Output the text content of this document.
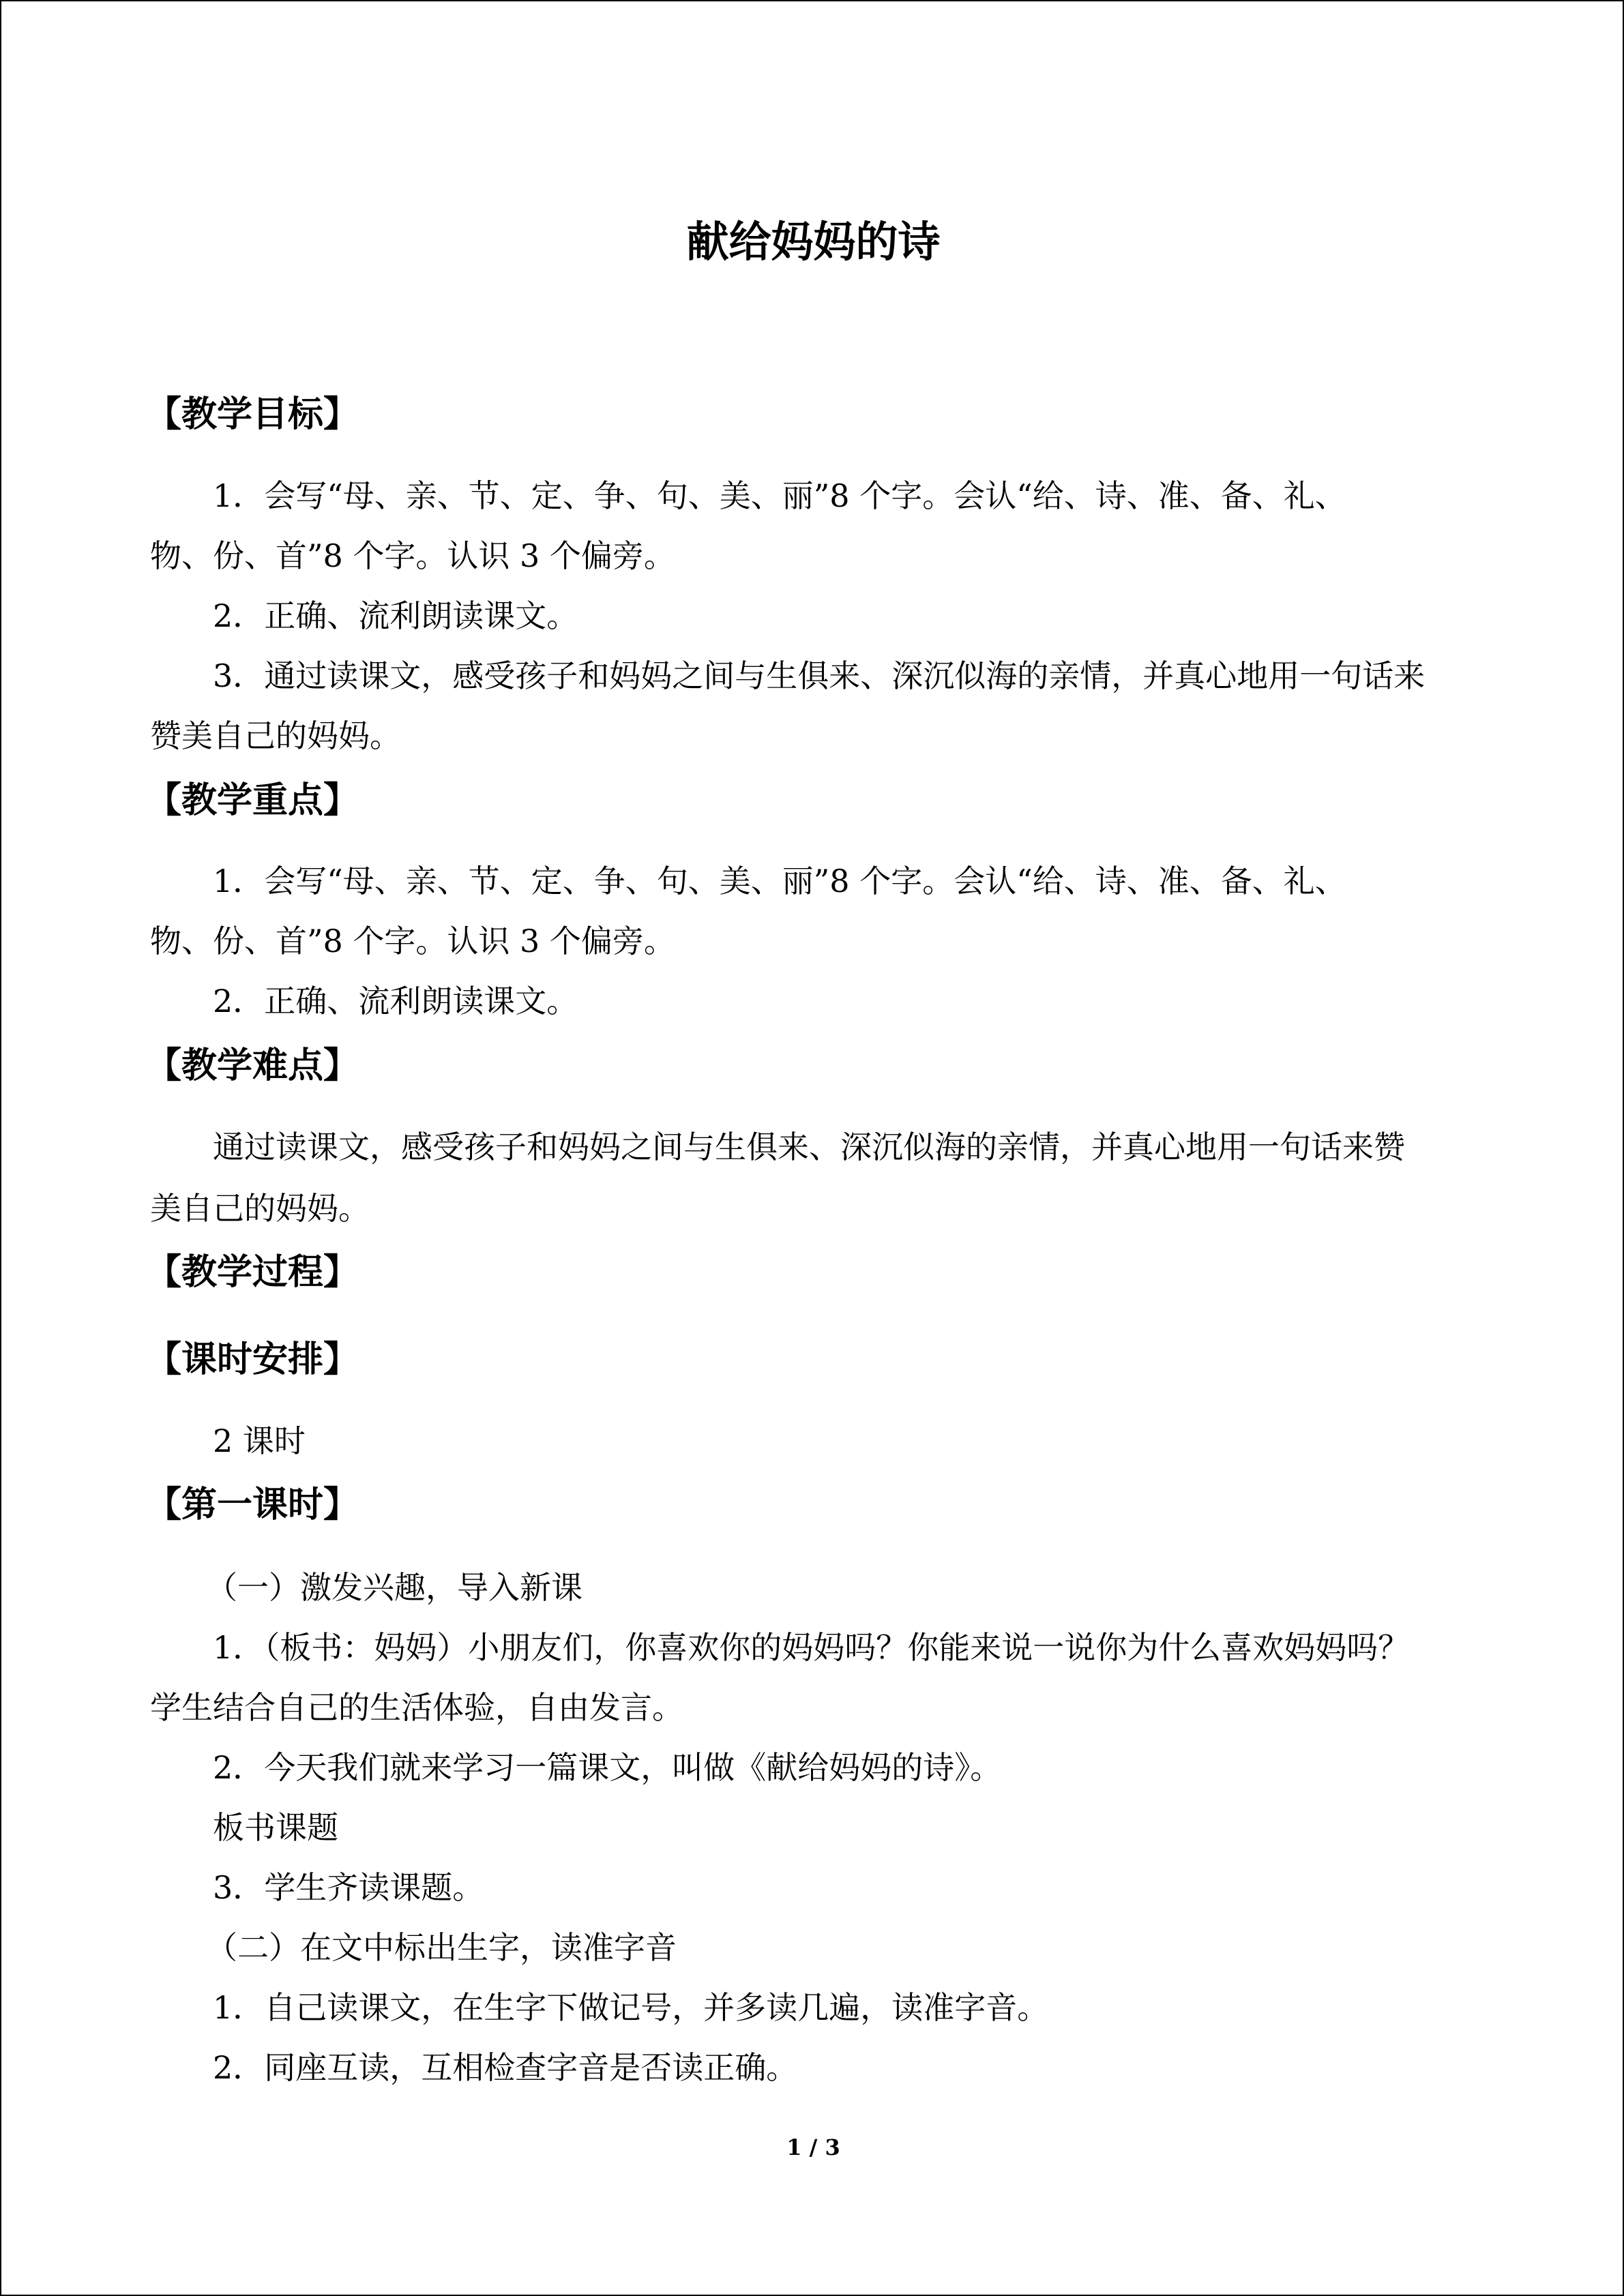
献给妈妈的诗
【教学目标】

1．会写“母、亲、节、定、争、句、美、丽”8 个字。会认“给、诗、准、备、礼、

物、份、首”8 个字。认识 3 个偏旁。

2．正确、流利朗读课文。

3．通过读课文，感受孩子和妈妈之间与生俱来、深沉似海的亲情，并真心地用一句话来

赞美自己的妈妈。

【教学重点】

1．会写“母、亲、节、定、争、句、美、丽”8 个字。会认“给、诗、准、备、礼、

物、份、首”8 个字。认识 3 个偏旁。

2．正确、流利朗读课文。

【教学难点】

通过读课文，感受孩子和妈妈之间与生俱来、深沉似海的亲情，并真心地用一句话来赞

美自己的妈妈。

【教学过程】
【课时安排】

2 课时

【第一课时】

（一）激发兴趣，导入新课

1．（板书：妈妈）小朋友们，你喜欢你的妈妈吗？你能来说一说你为什么喜欢妈妈吗？

学生结合自己的生活体验，自由发言。

2．今天我们就来学习一篇课文，叫做《献给妈妈的诗》。

板书课题

3．学生齐读课题。

（二）在文中标出生字，读准字音

1．自己读课文，在生字下做记号，并多读几遍，读准字音。

2．同座互读，互相检查字音是否读正确。

1 / 3
